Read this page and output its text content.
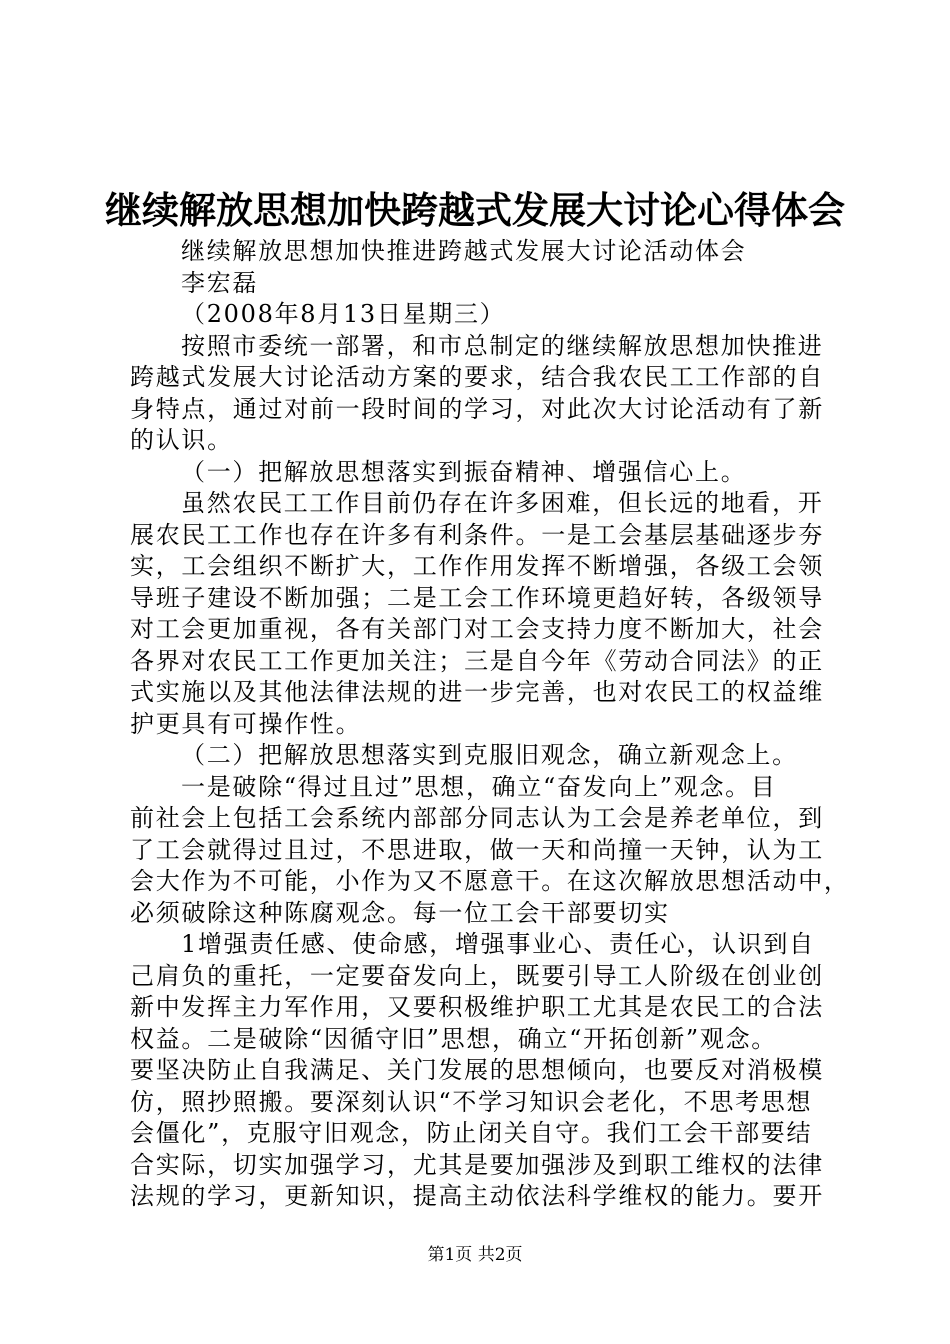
继续解放思想加快跨越式发展大讨论心得体会
继续解放思想加快推进跨越式发展大讨论活动体会
李宏磊
（2008年8月13日星期三）
按照市委统一部署，和市总制定的继续解放思想加快推进
跨越式发展大讨论活动方案的要求，结合我农民工工作部的自
身特点，通过对前一段时间的学习，对此次大讨论活动有了新
的认识。
（一）把解放思想落实到振奋精神、增强信心上。
虽然农民工工作目前仍存在许多困难，但长远的地看，开
展农民工工作也存在许多有利条件。一是工会基层基础逐步夯
实，工会组织不断扩大，工作作用发挥不断增强，各级工会领
导班子建设不断加强；二是工会工作环境更趋好转，各级领导
对工会更加重视，各有关部门对工会支持力度不断加大，社会
各界对农民工工作更加关注；三是自今年《劳动合同法》的正
式实施以及其他法律法规的进一步完善，也对农民工的权益维
护更具有可操作性。
（二）把解放思想落实到克服旧观念，确立新观念上。
一是破除“得过且过”思想，确立“奋发向上”观念。目
前社会上包括工会系统内部部分同志认为工会是养老单位，到
了工会就得过且过，不思进取，做一天和尚撞一天钟，认为工
会大作为不可能，小作为又不愿意干。在这次解放思想活动中，
必须破除这种陈腐观念。每一位工会干部要切实
1增强责任感、使命感，增强事业心、责任心，认识到自
己肩负的重托，一定要奋发向上，既要引导工人阶级在创业创
新中发挥主力军作用，又要积极维护职工尤其是农民工的合法
权益。二是破除“因循守旧”思想，确立“开拓创新”观念。
要坚决防止自我满足、关门发展的思想倾向，也要反对消极模
仿，照抄照搬。要深刻认识“不学习知识会老化，不思考思想
会僵化”，克服守旧观念，防止闭关自守。我们工会干部要结
合实际，切实加强学习，尤其是要加强涉及到职工维权的法律
法规的学习，更新知识，提高主动依法科学维权的能力。要开
第1页 共2页
